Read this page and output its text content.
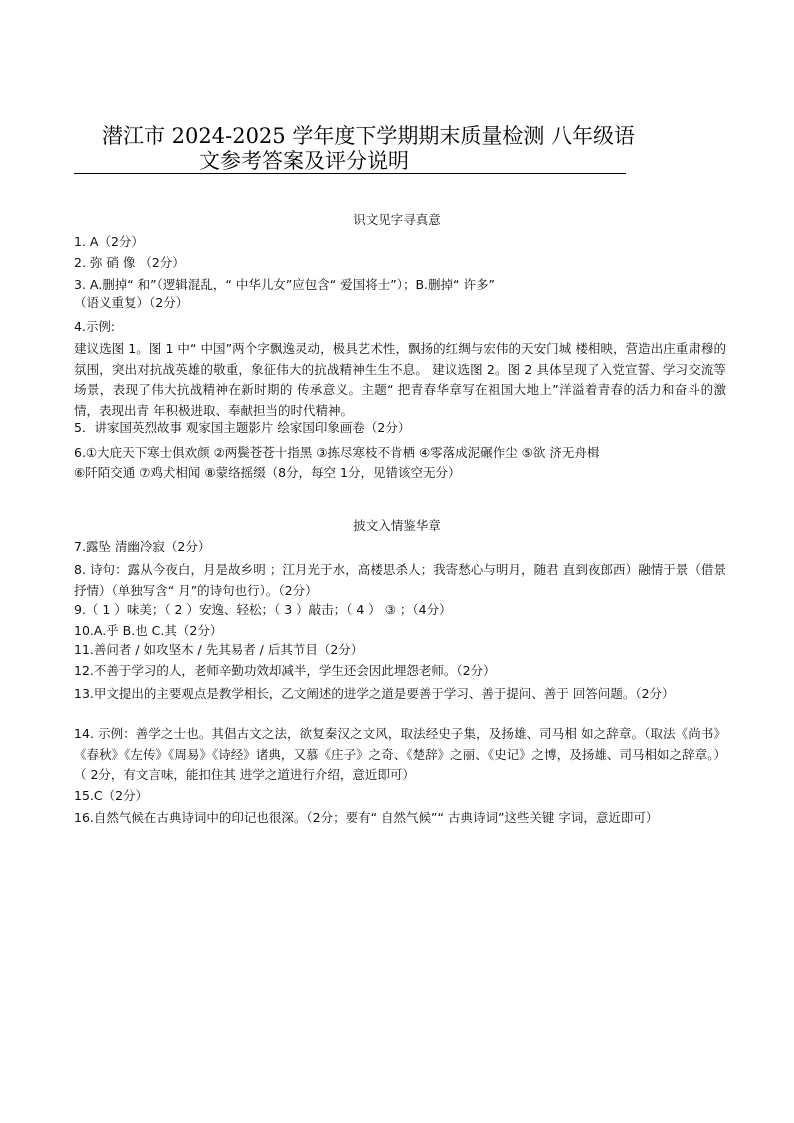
潜江市 2024-2025 学年度下学期期末质量检测 八年级语
文参考答案及评分说明
识文见字寻真意
1. A（2分）
2. 弥 硝 像 （2分）
3. A.删掉“ 和”（逻辑混乱，“ 中华儿女”应包含“ 爱国将士”）；B.删掉“ 许多”
（语义重复）（2分）
4.示例:
建议选图 1。图 1 中“ 中国”两个字飘逸灵动，极具艺术性，飘扬的红绸与宏伟的天安门城 楼相映，营造出庄重肃穆的氛围，突出对抗战英雄的敬重，象征伟大的抗战精神生生不息。 建议选图 2。图 2 具体呈现了入党宣誓、学习交流等场景，表现了伟大抗战精神在新时期的 传承意义。主题“ 把青春华章写在祖国大地上”洋溢着青春的活力和奋斗的激情，表现出青 年积极进取、奉献担当的时代精神。
5．讲家国英烈故事 观家国主题影片 绘家国印象画卷（2分）
6.①大庇天下寒士俱欢颜 ②两鬓苍苍十指黑 ③拣尽寒枝不肯栖 ④零落成泥碾作尘 ⑤欲 济无舟楫
⑥阡陌交通 ⑦鸡犬相闻 ⑧蒙络摇缀（8分，每空 1分，见错该空无分）
披文入情鉴华章
7.露坠 清幽冷寂（2分）
8. 诗句：露从今夜白，月是故乡明 ；江月光于水，高楼思杀人；我寄愁心与明月，随君 直到夜郎西）融情于景（借景抒情）（单独写含“ 月”的诗句也行）。（2分）
9.（ 1 ）味美；（ 2 ）安逸、轻松；（ 3 ）敲击；（ 4 ） ③ ；（4分）
10.A.乎 B.也 C.其（2分）
11.善问者 / 如攻坚木 / 先其易者 / 后其节目（2分）
12.不善于学习的人，老师辛勤功效却减半，学生还会因此埋怨老师。（2分）
13.甲文提出的主要观点是教学相长，乙文阐述的进学之道是要善于学习、善于提问、善于 回答问题。（2分）
14. 示例：善学之士也。其倡古文之法，欲复秦汉之文风，取法经史子集，及扬雄、司马相 如之辞章。（取法《尚书》《春秋》《左传》《周易》《诗经》诸典，又慕《庄子》之奇、《楚辞》之丽、《史记》之博，及扬雄、司马相如之辞章。）（ 2分，有文言味，能扣住其 进学之道进行介绍，意近即可）
15.C（2分）
16.自然气候在古典诗词中的印记也很深。（2分；要有“ 自然气候”“ 古典诗词”这些关键 字词，意近即可）
